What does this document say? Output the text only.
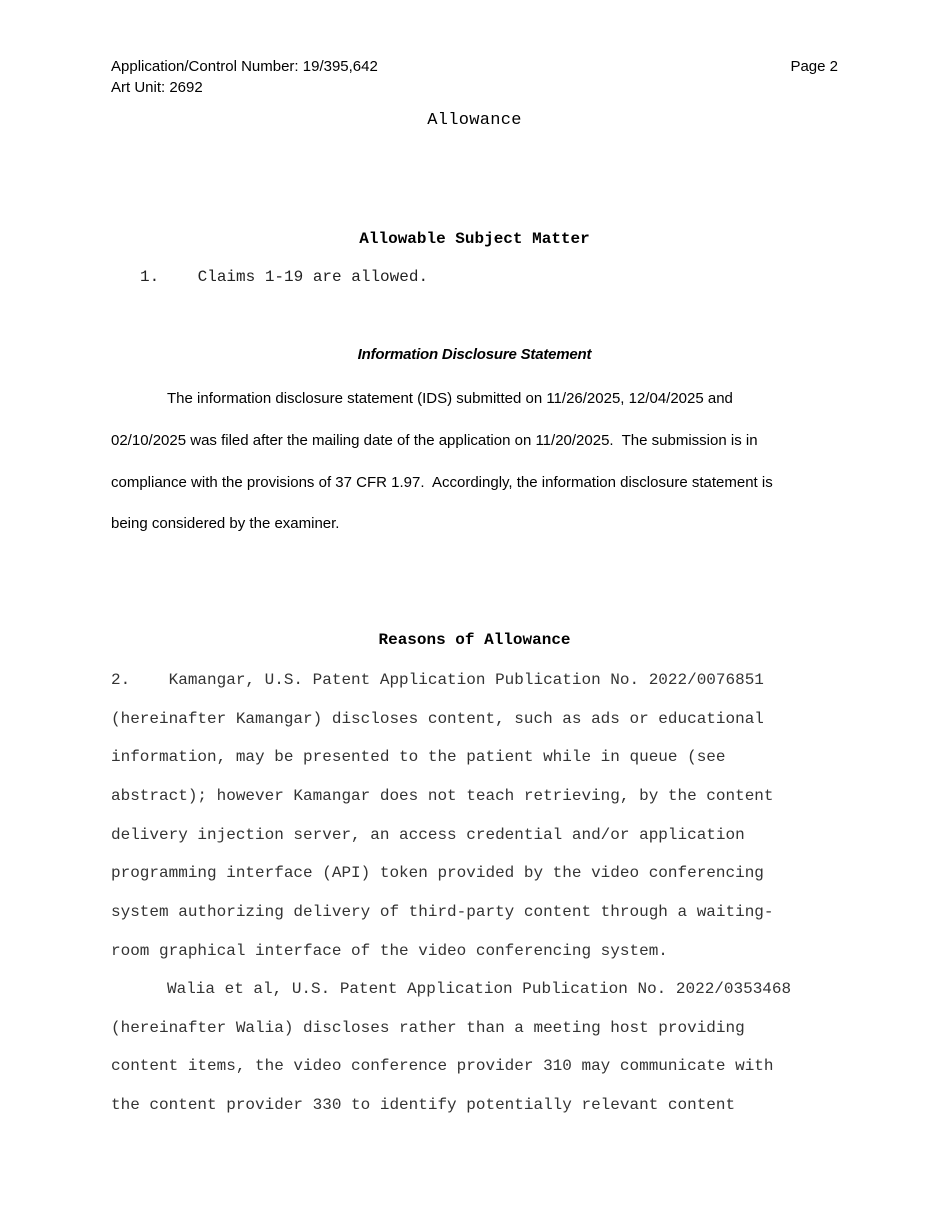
Application/Control Number: 19/395,642
Art Unit: 2692
Page 2
Allowance
Allowable Subject Matter
1.    Claims 1-19 are allowed.
Information Disclosure Statement
The information disclosure statement (IDS) submitted on 11/26/2025, 12/04/2025 and
02/10/2025 was filed after the mailing date of the application on 11/20/2025.  The submission is in
compliance with the provisions of 37 CFR 1.97.  Accordingly, the information disclosure statement is
being considered by the examiner.
Reasons of Allowance
2.    Kamangar, U.S. Patent Application Publication No. 2022/0076851
(hereinafter Kamangar) discloses content, such as ads or educational
information, may be presented to the patient while in queue (see
abstract); however Kamangar does not teach retrieving, by the content
delivery injection server, an access credential and/or application
programming interface (API) token provided by the video conferencing
system authorizing delivery of third-party content through a waiting-
room graphical interface of the video conferencing system.
Walia et al, U.S. Patent Application Publication No. 2022/0353468
(hereinafter Walia) discloses rather than a meeting host providing
content items, the video conference provider 310 may communicate with
the content provider 330 to identify potentially relevant content
